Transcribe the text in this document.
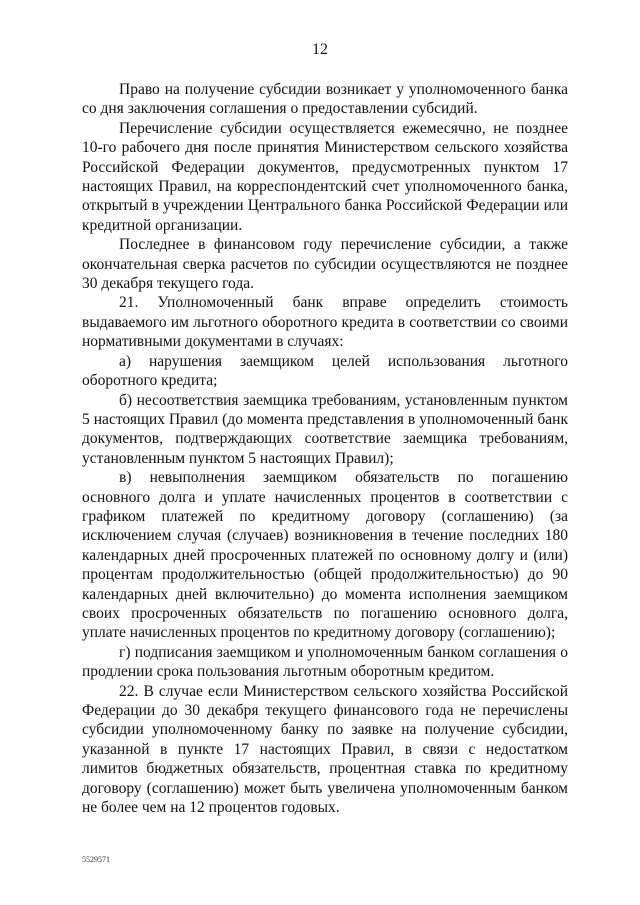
12

Право на получение субсидии возникает у уполномоченного банка со дня заключения соглашения о предоставлении субсидий.

Перечисление субсидии осуществляется ежемесячно, не позднее 10-го рабочего дня после принятия Министерством сельского хозяйства Российской Федерации документов, предусмотренных пунктом 17 настоящих Правил, на корреспондентский счет уполномоченного банка, открытый в учреждении Центрального банка Российской Федерации или кредитной организации.

Последнее в финансовом году перечисление субсидии, а также окончательная сверка расчетов по субсидии осуществляются не позднее 30 декабря текущего года.

21. Уполномоченный банк вправе определить стоимость выдаваемого им льготного оборотного кредита в соответствии со своими нормативными документами в случаях:

а) нарушения заемщиком целей использования льготного оборотного кредита;

б) несоответствия заемщика требованиям, установленным пунктом 5 настоящих Правил (до момента представления в уполномоченный банк документов, подтверждающих соответствие заемщика требованиям, установленным пунктом 5 настоящих Правил);

в) невыполнения заемщиком обязательств по погашению основного долга и уплате начисленных процентов в соответствии с графиком платежей по кредитному договору (соглашению) (за исключением случая (случаев) возникновения в течение последних 180 календарных дней просроченных платежей по основному долгу и (или) процентам продолжительностью (общей продолжительностью) до 90 календарных дней включительно) до момента исполнения заемщиком своих просроченных обязательств по погашению основного долга, уплате начисленных процентов по кредитному договору (соглашению);

г) подписания заемщиком и уполномоченным банком соглашения о продлении срока пользования льготным оборотным кредитом.

22. В случае если Министерством сельского хозяйства Российской Федерации до 30 декабря текущего финансового года не перечислены субсидии уполномоченному банку по заявке на получение субсидии, указанной в пункте 17 настоящих Правил, в связи с недостатком лимитов бюджетных обязательств, процентная ставка по кредитному договору (соглашению) может быть увеличена уполномоченным банком не более чем на 12 процентов годовых.

5529571
